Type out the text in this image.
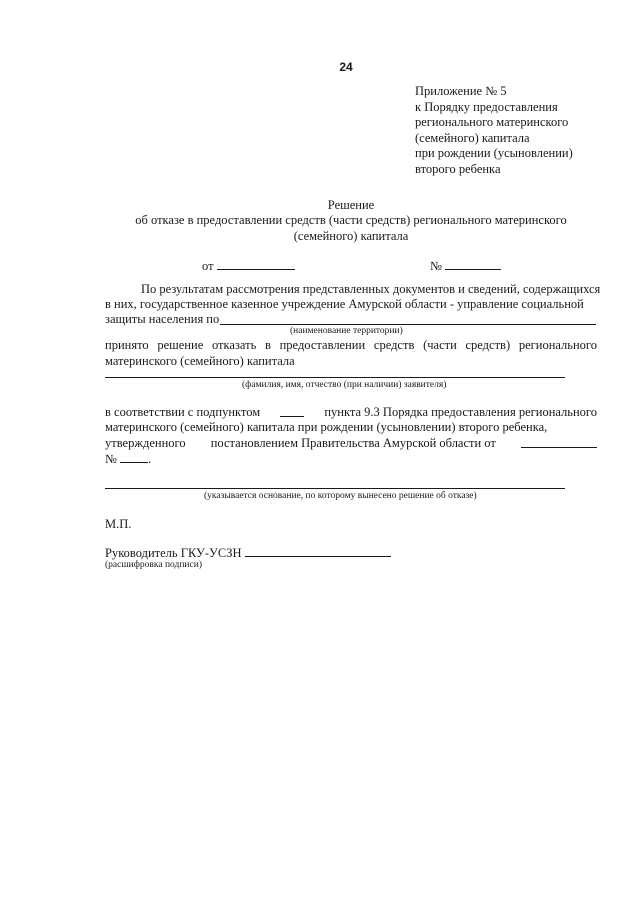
24
Приложение № 5
к Порядку предоставления
регионального материнского
(семейного) капитала
при рождении (усыновлении)
второго ребенка
Решение
об отказе в предоставлении средств (части средств) регионального материнского (семейного) капитала
от	№
По результатам рассмотрения представленных документов и сведений, содержащихся
в них, государственное казенное учреждение Амурской области - управление социальной
защиты населения по
(наименование территории)
принято решение отказать в предоставлении средств (части средств) регионального материнского (семейного) капитала
(фамилия, имя, отчество (при наличии) заявителя)
в соответствии с подпунктом	пункта 9.3 Порядка предоставления регионального
материнского (семейного) капитала при рождении (усыновлении) второго ребенка,
утвержденного постановлением Правительства Амурской области от
№ .
(указывается основание, по которому вынесено решение об отказе)
М.П.
Руководитель ГКУ-УСЗН
(расшифровка подписи)
